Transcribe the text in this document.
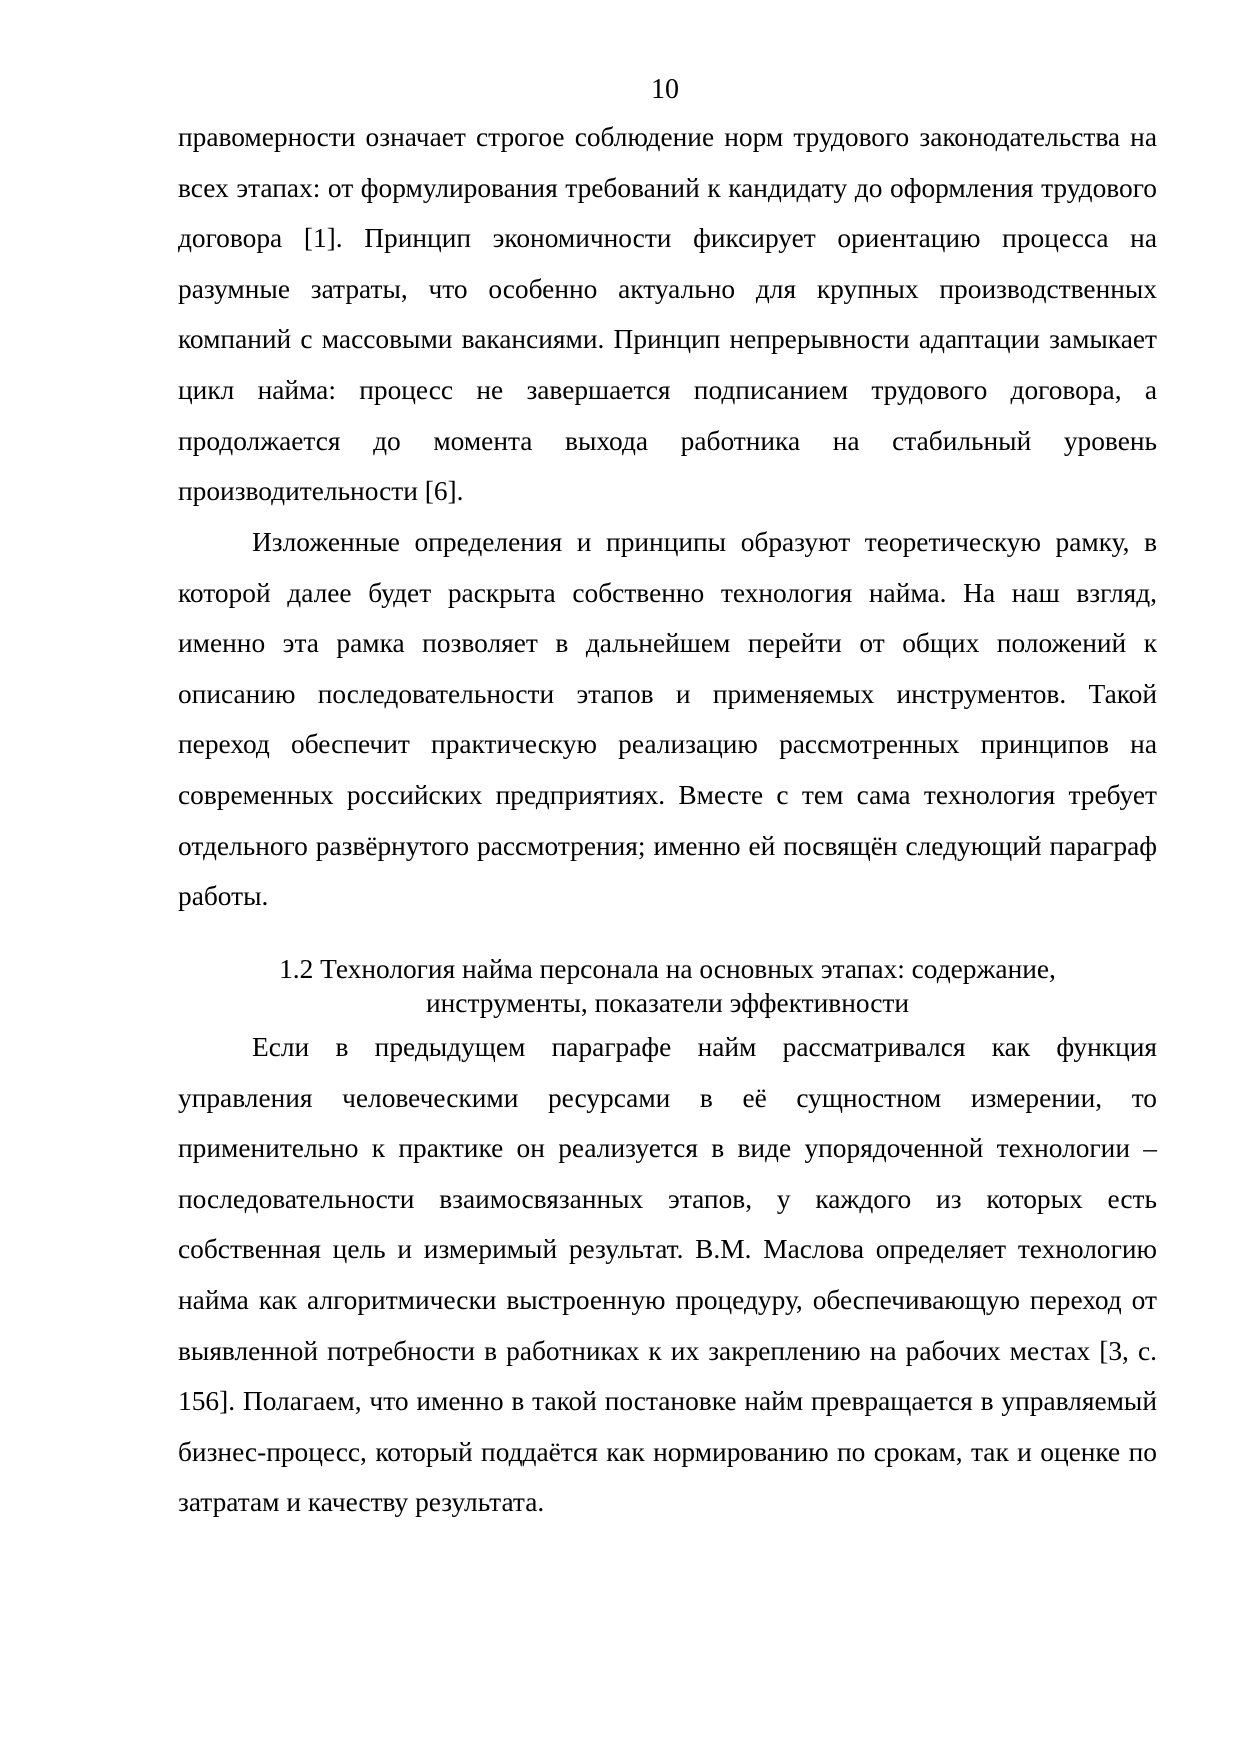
10

правомерности означает строгое соблюдение норм трудового законодательства на всех этапах: от формулирования требований к кандидату до оформления трудового договора [1]. Принцип экономичности фиксирует ориентацию процесса на разумные затраты, что особенно актуально для крупных производственных компаний с массовыми вакансиями. Принцип непрерывности адаптации замыкает цикл найма: процесс не завершается подписанием трудового договора, а продолжается до момента выхода работника на стабильный уровень производительности [6].

Изложенные определения и принципы образуют теоретическую рамку, в которой далее будет раскрыта собственно технология найма. На наш взгляд, именно эта рамка позволяет в дальнейшем перейти от общих положений к описанию последовательности этапов и применяемых инструментов. Такой переход обеспечит практическую реализацию рассмотренных принципов на современных российских предприятиях. Вместе с тем сама технология требует отдельного развёрнутого рассмотрения; именно ей посвящён следующий параграф работы.

1.2 Технология найма персонала на основных этапах: содержание,
инструменты, показатели эффективности

Если в предыдущем параграфе найм рассматривался как функция управления человеческими ресурсами в её сущностном измерении, то применительно к практике он реализуется в виде упорядоченной технологии – последовательности взаимосвязанных этапов, у каждого из которых есть собственная цель и измеримый результат. В.М. Маслова определяет технологию найма как алгоритмически выстроенную процедуру, обеспечивающую переход от выявленной потребности в работниках к их закреплению на рабочих местах [3, с. 156]. Полагаем, что именно в такой постановке найм превращается в управляемый бизнес-процесс, который поддаётся как нормированию по срокам, так и оценке по затратам и качеству результата.
